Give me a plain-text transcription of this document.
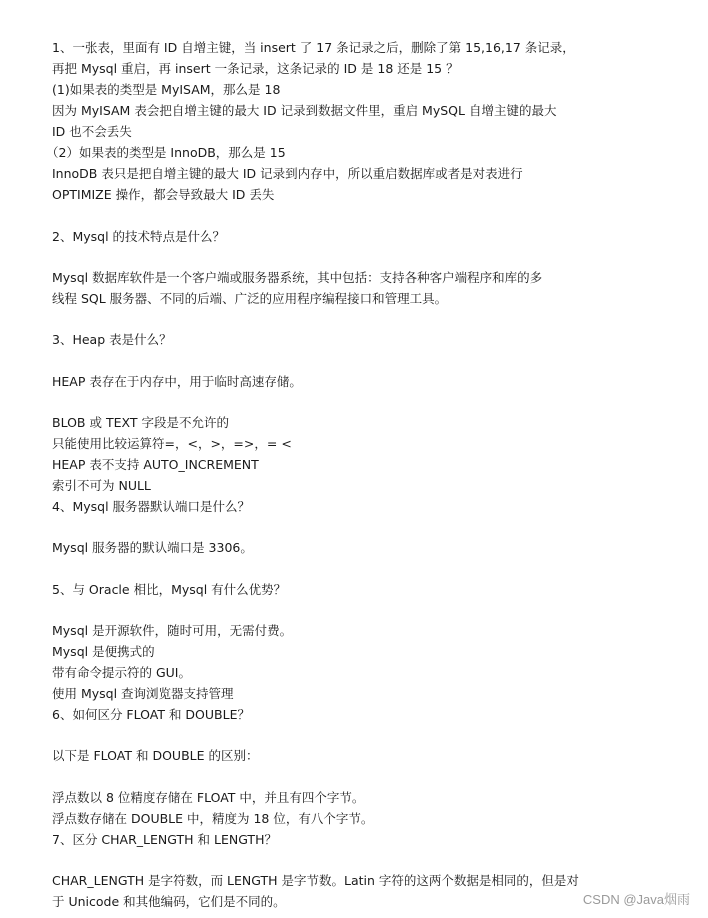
1、一张表，里面有 ID 自增主键，当 insert 了 17 条记录之后，删除了第 15,16,17 条记录，
再把 Mysql 重启，再 insert 一条记录，这条记录的 ID 是 18 还是 15 ？
(1)如果表的类型是 MyISAM，那么是 18
因为 MyISAM 表会把自增主键的最大 ID 记录到数据文件里，重启 MySQL 自增主键的最大
ID 也不会丢失
（2）如果表的类型是 InnoDB，那么是 15
InnoDB 表只是把自增主键的最大 ID 记录到内存中，所以重启数据库或者是对表进行
OPTIMIZE 操作，都会导致最大 ID 丢失
2、Mysql 的技术特点是什么？
Mysql 数据库软件是一个客户端或服务器系统，其中包括：支持各种客户端程序和库的多
线程 SQL 服务器、不同的后端、广泛的应用程序编程接口和管理工具。
3、Heap 表是什么？
HEAP 表存在于内存中，用于临时高速存储。
BLOB 或 TEXT 字段是不允许的
只能使用比较运算符=，<，>，=>，= <
HEAP 表不支持 AUTO_INCREMENT
索引不可为 NULL
4、Mysql 服务器默认端口是什么？
Mysql 服务器的默认端口是 3306。
5、与 Oracle 相比，Mysql 有什么优势？
Mysql 是开源软件，随时可用，无需付费。
Mysql 是便携式的
带有命令提示符的 GUI。
使用 Mysql 查询浏览器支持管理
6、如何区分 FLOAT 和 DOUBLE？
以下是 FLOAT 和 DOUBLE 的区别：
浮点数以 8 位精度存储在 FLOAT 中，并且有四个字节。
浮点数存储在 DOUBLE 中，精度为 18 位，有八个字节。
7、区分 CHAR_LENGTH 和 LENGTH？
CHAR_LENGTH 是字符数，而 LENGTH 是字节数。Latin 字符的这两个数据是相同的，但是对
于 Unicode 和其他编码，它们是不同的。	CSDN @Java烟雨
